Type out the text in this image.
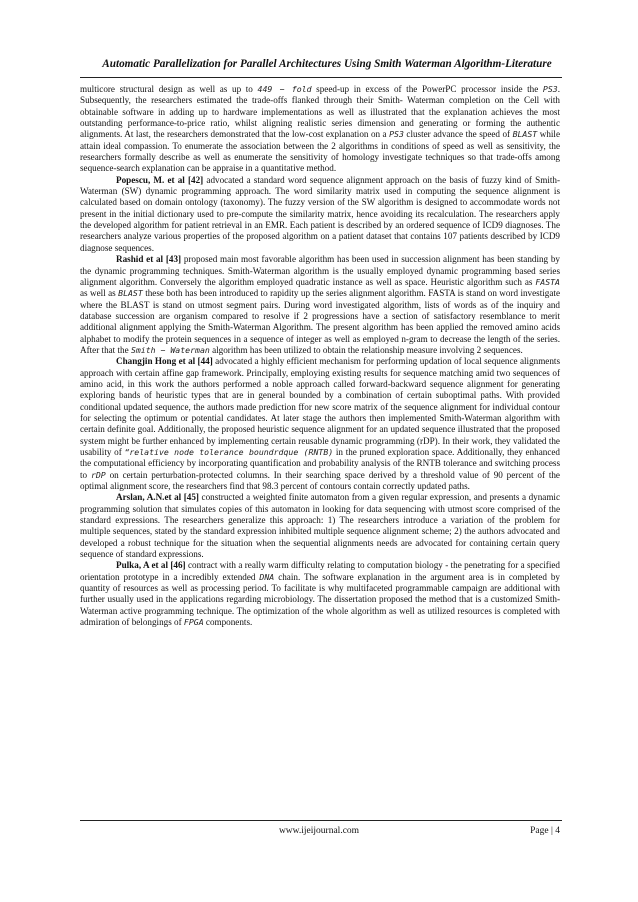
Automatic Parallelization for Parallel Architectures Using Smith Waterman Algorithm-Literature

multicore structural design as well as up to 449 − fold speed-up in excess of the PowerPC processor inside the PS3. Subsequently, the researchers estimated the trade-offs flanked through their Smith- Waterman completion on the Cell with obtainable software in adding up to hardware implementations as well as illustrated that the explanation achieves the most outstanding performance-to-price ratio, whilst aligning realistic series dimension and generating or forming the authentic alignments. At last, the researchers demonstrated that the low-cost explanation on a PS3 cluster advance the speed of BLAST while attain ideal compassion. To enumerate the association between the 2 algorithms in conditions of speed as well as sensitivity, the researchers formally describe as well as enumerate the sensitivity of homology investigate techniques so that trade-offs among sequence-search explanation can be appraise in a quantitative method.

Popescu, M. et al [42] advocated a standard word sequence alignment approach on the basis of fuzzy kind of Smith-Waterman (SW) dynamic programming approach. The word similarity matrix used in computing the sequence alignment is calculated based on domain ontology (taxonomy). The fuzzy version of the SW algorithm is designed to accommodate words not present in the initial dictionary used to pre-compute the similarity matrix, hence avoiding its recalculation. The researchers apply the developed algorithm for patient retrieval in an EMR. Each patient is described by an ordered sequence of ICD9 diagnoses. The researchers analyze various properties of the proposed algorithm on a patient dataset that contains 107 patients described by ICD9 diagnose sequences.

Rashid et al [43] proposed main most favorable algorithm has been used in succession alignment has been standing by the dynamic programming techniques. Smith-Waterman algorithm is the usually employed dynamic programming based series alignment algorithm. Conversely the algorithm employed quadratic instance as well as space. Heuristic algorithm such as FASTA as well as BLAST these both has been introduced to rapidity up the series alignment algorithm. FASTA is stand on word investigate where the BLAST is stand on utmost segment pairs. During word investigated algorithm, lists of words as of the inquiry and database succession are organism compared to resolve if 2 progressions have a section of satisfactory resemblance to merit additional alignment applying the Smith-Waterman Algorithm. The present algorithm has been applied the removed amino acids alphabet to modify the protein sequences in a sequence of integer as well as employed n-gram to decrease the length of the series. After that the Smith − Waterman algorithm has been utilized to obtain the relationship measure involving 2 sequences.

Changjin Hong et al [44] advocated a highly efficient mechanism for performing updation of local sequence alignments approach with certain affine gap framework. Principally, employing existing results for sequence matching amid two sequences of amino acid, in this work the authors performed a noble approach called forward-backward sequence alignment for generating exploring bands of heuristic types that are in general bounded by a combination of certain suboptimal paths. With provided conditional updated sequence, the authors made prediction ffor new score matrix of the sequence alignment for individual contour for selecting the optimum or potential candidates. At later stage the authors then implemented Smith-Waterman algorithm with certain definite goal. Additionally, the proposed heuristic sequence alignment for an updated sequence illustrated that the proposed system might be further enhanced by implementing certain reusable dynamic programming (rDP). In their work, they validated the usability of “relative node tolerance boundrdque (RNTB) in the pruned exploration space. Additionally, they enhanced the computational efficiency by incorporating quantification and probability analysis of the RNTB tolerance and switching process to rDP on certain perturbation-protected columns. In their searching space derived by a threshold value of 90 percent of the optimal alignment score, the researchers find that 98.3 percent of contours contain correctly updated paths.

Arslan, A.N.et al [45] constructed a weighted finite automaton from a given regular expression, and presents a dynamic programming solution that simulates copies of this automaton in looking for data sequencing with utmost score comprised of the standard expressions. The researchers generalize this approach: 1) The researchers introduce a variation of the problem for multiple sequences, stated by the standard expression inhibited multiple sequence alignment scheme; 2) the authors advocated and developed a robust technique for the situation when the sequential alignments needs are advocated for containing certain query sequence of standard expressions.

Pulka, A et al [46] contract with a really warm difficulty relating to computation biology - the penetrating for a specified orientation prototype in a incredibly extended DNA chain. The software explanation in the argument area is in completed by quantity of resources as well as processing period. To facilitate is why multifaceted programmable campaign are additional with further usually used in the applications regarding microbiology. The dissertation proposed the method that is a customized Smith-Waterman active programming technique. The optimization of the whole algorithm as well as utilized resources is completed with admiration of belongings of FPGA components.

www.ijeijournal.com	Page | 4
